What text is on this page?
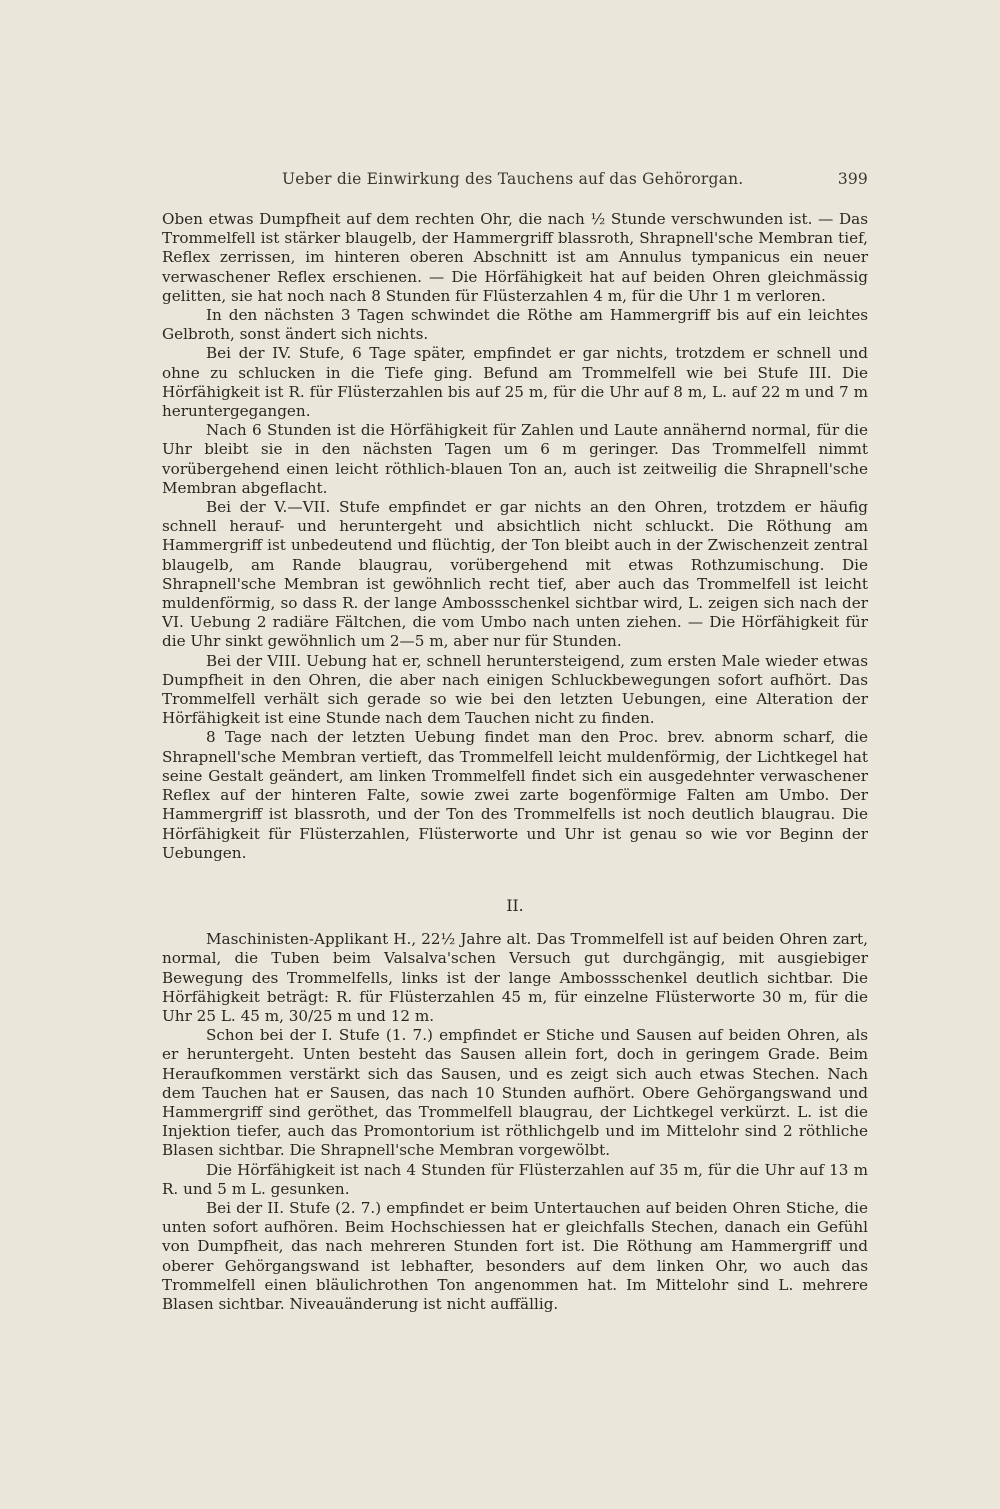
Ueber die Einwirkung des Tauchens auf das Gehörorgan.	399

Oben etwas Dumpfheit auf dem rechten Ohr, die nach ½ Stunde verschwunden ist. — Das Trommelfell ist stärker blaugelb, der Hammergriff blassroth, Shrapnell'sche Membran tief, Reflex zerrissen, im hinteren oberen Abschnitt ist am Annulus tympanicus ein neuer verwaschener Reflex erschienen. — Die Hörfähigkeit hat auf beiden Ohren gleichmässig gelitten, sie hat noch nach 8 Stunden für Flüsterzahlen 4 m, für die Uhr 1 m verloren.

In den nächsten 3 Tagen schwindet die Röthe am Hammergriff bis auf ein leichtes Gelbroth, sonst ändert sich nichts.

Bei der IV. Stufe, 6 Tage später, empfindet er gar nichts, trotzdem er schnell und ohne zu schlucken in die Tiefe ging. Befund am Trommelfell wie bei Stufe III. Die Hörfähigkeit ist R. für Flüsterzahlen bis auf 25 m, für die Uhr auf 8 m, L. auf 22 m und 7 m heruntergegangen.

Nach 6 Stunden ist die Hörfähigkeit für Zahlen und Laute annähernd normal, für die Uhr bleibt sie in den nächsten Tagen um 6 m geringer. Das Trommelfell nimmt vorübergehend einen leicht röthlich-blauen Ton an, auch ist zeitweilig die Shrapnell'sche Membran abgeflacht.

Bei der V.—VII. Stufe empfindet er gar nichts an den Ohren, trotzdem er häufig schnell herauf- und heruntergeht und absichtlich nicht schluckt. Die Röthung am Hammergriff ist unbedeutend und flüchtig, der Ton bleibt auch in der Zwischenzeit zentral blaugelb, am Rande blaugrau, vorübergehend mit etwas Rothzumischung. Die Shrapnell'sche Membran ist gewöhnlich recht tief, aber auch das Trommelfell ist leicht muldenförmig, so dass R. der lange Ambossschenkel sichtbar wird, L. zeigen sich nach der VI. Uebung 2 radiäre Fältchen, die vom Umbo nach unten ziehen. — Die Hörfähigkeit für die Uhr sinkt gewöhnlich um 2—5 m, aber nur für Stunden.

Bei der VIII. Uebung hat er, schnell heruntersteigend, zum ersten Male wieder etwas Dumpfheit in den Ohren, die aber nach einigen Schluckbewegungen sofort aufhört. Das Trommelfell verhält sich gerade so wie bei den letzten Uebungen, eine Alteration der Hörfähigkeit ist eine Stunde nach dem Tauchen nicht zu finden.

8 Tage nach der letzten Uebung findet man den Proc. brev. abnorm scharf, die Shrapnell'sche Membran vertieft, das Trommelfell leicht muldenförmig, der Lichtkegel hat seine Gestalt geändert, am linken Trommelfell findet sich ein ausgedehnter verwaschener Reflex auf der hinteren Falte, sowie zwei zarte bogenförmige Falten am Umbo. Der Hammergriff ist blassroth, und der Ton des Trommelfells ist noch deutlich blaugrau. Die Hörfähigkeit für Flüsterzahlen, Flüsterworte und Uhr ist genau so wie vor Beginn der Uebungen.

II.

Maschinisten-Applikant H., 22½ Jahre alt. Das Trommelfell ist auf beiden Ohren zart, normal, die Tuben beim Valsalva'schen Versuch gut durchgängig, mit ausgiebiger Bewegung des Trommelfells, links ist der lange Ambossschenkel deutlich sichtbar. Die Hörfähigkeit beträgt: R. für Flüsterzahlen 45 m, für einzelne Flüsterworte 30 m, für die Uhr 25 L. 45 m, 30/25 m und 12 m.

Schon bei der I. Stufe (1. 7.) empfindet er Stiche und Sausen auf beiden Ohren, als er heruntergeht. Unten besteht das Sausen allein fort, doch in geringem Grade. Beim Heraufkommen verstärkt sich das Sausen, und es zeigt sich auch etwas Stechen. Nach dem Tauchen hat er Sausen, das nach 10 Stunden aufhört. Obere Gehörgangswand und Hammergriff sind geröthet, das Trommelfell blaugrau, der Lichtkegel verkürzt. L. ist die Injektion tiefer, auch das Promontorium ist röthlichgelb und im Mittelohr sind 2 röthliche Blasen sichtbar. Die Shrapnell'sche Membran vorgewölbt.

Die Hörfähigkeit ist nach 4 Stunden für Flüsterzahlen auf 35 m, für die Uhr auf 13 m R. und 5 m L. gesunken.

Bei der II. Stufe (2. 7.) empfindet er beim Untertauchen auf beiden Ohren Stiche, die unten sofort aufhören. Beim Hochschiessen hat er gleichfalls Stechen, danach ein Gefühl von Dumpfheit, das nach mehreren Stunden fort ist. Die Röthung am Hammergriff und oberer Gehörgangswand ist lebhafter, besonders auf dem linken Ohr, wo auch das Trommelfell einen bläulichrothen Ton angenommen hat. Im Mittelohr sind L. mehrere Blasen sichtbar. Niveauänderung ist nicht auffällig.
